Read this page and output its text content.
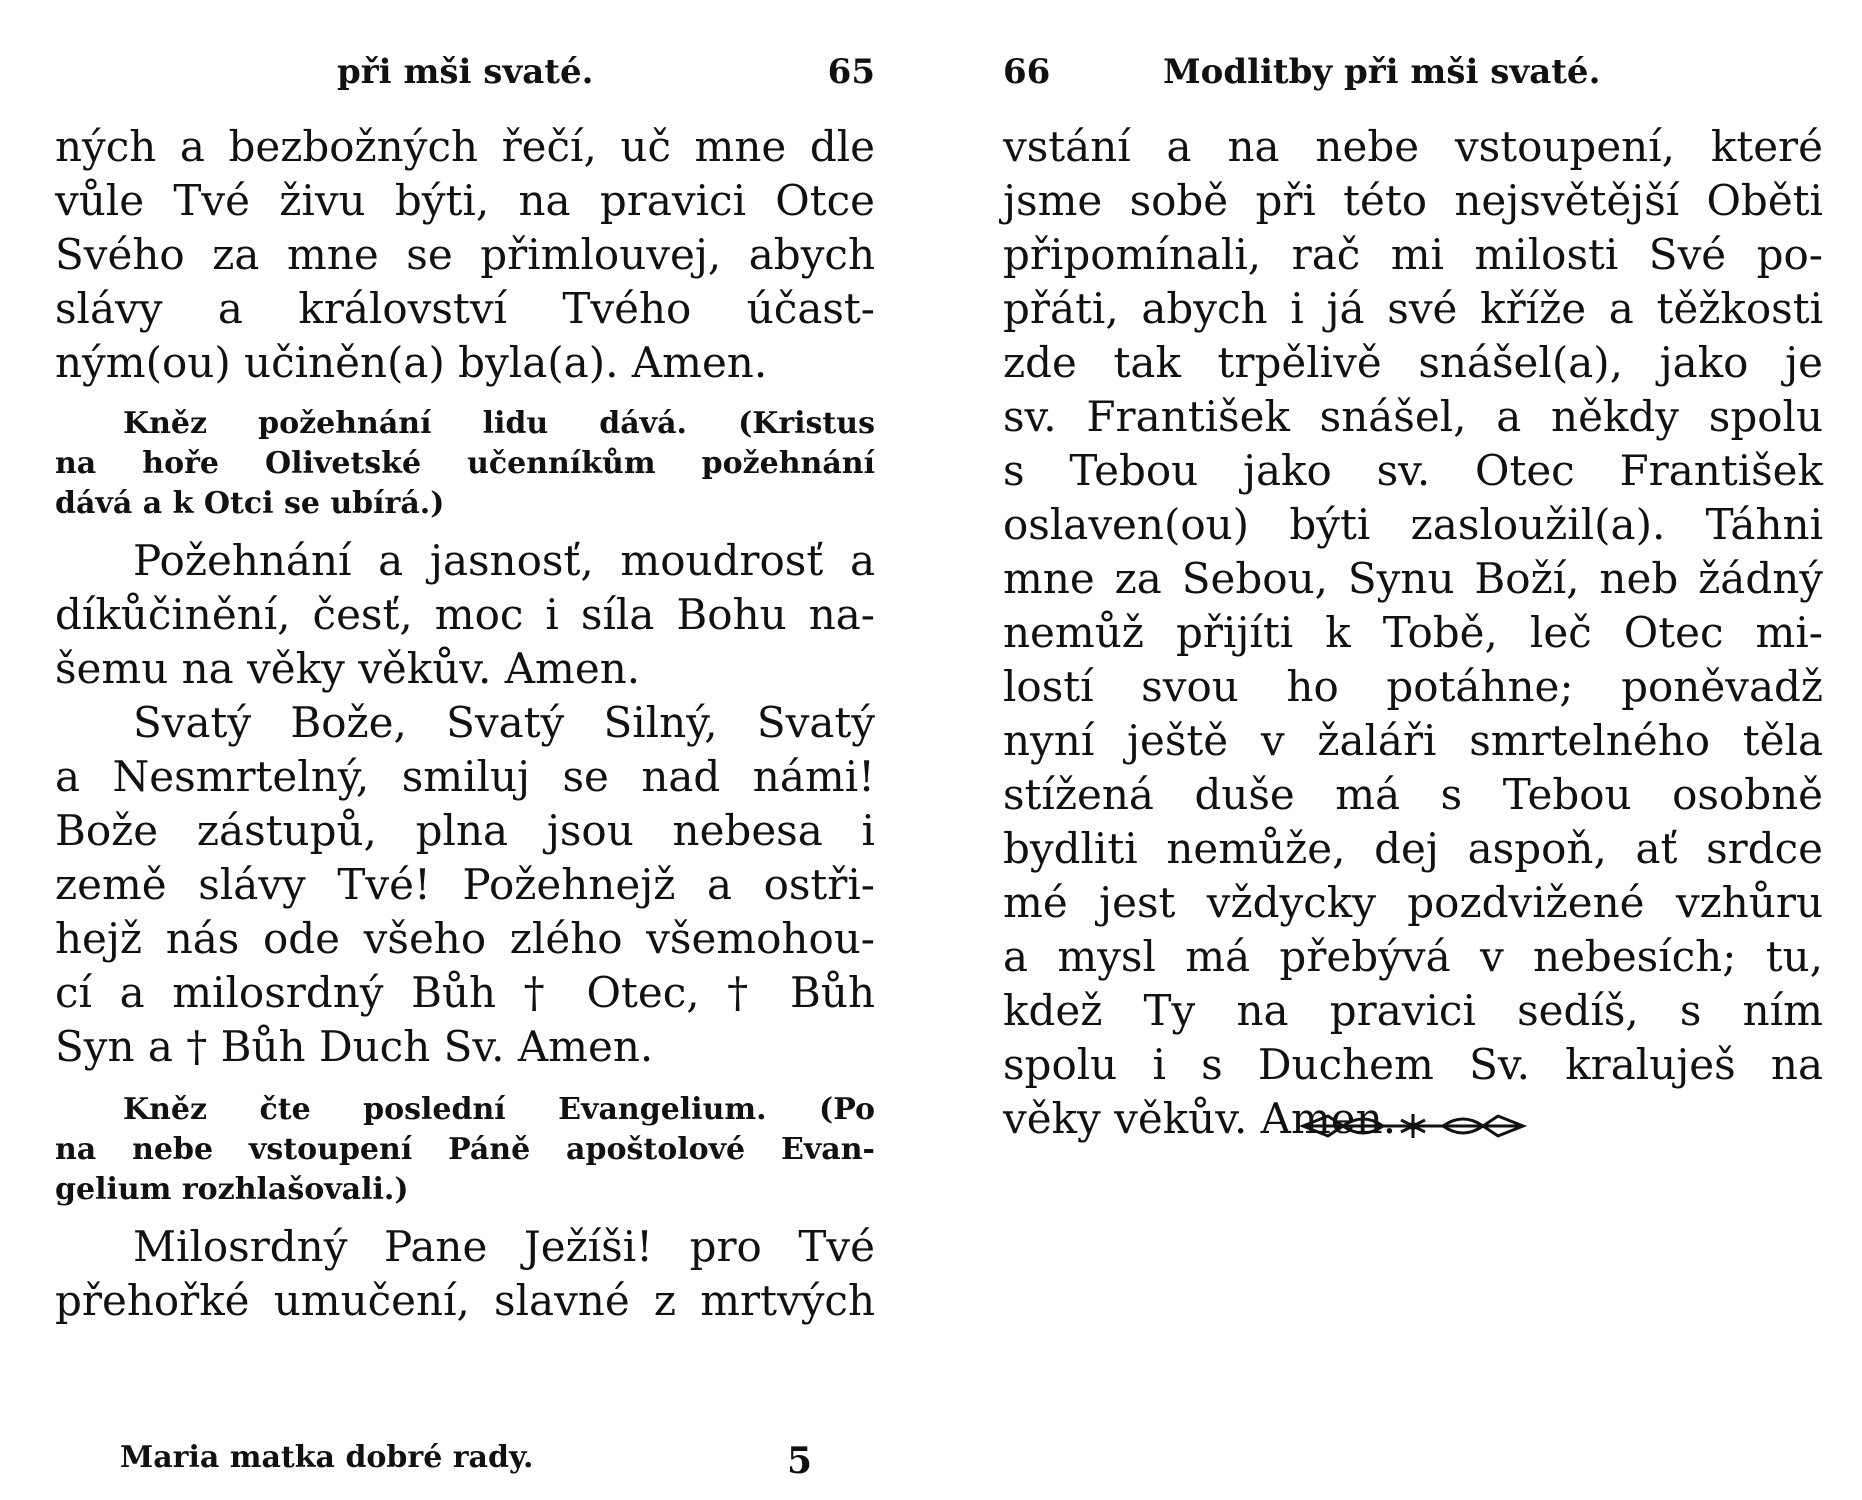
při mši svaté.	65

ných a bezbožných řečí, uč mne dle

vůle Tvé živu býti, na pravici Otce

Svého za mne se přimlouvej, abych

slávy a království Tvého účast-

ným(ou) učiněn(a) byla(a). Amen.

Kněz požehnání lidu dává. (Kristus

na hoře Olivetské učenníkům požehnání

dává a k Otci se ubírá.)

Požehnání a jasnosť, moudrosť a

díkůčinění, česť, moc i síla Bohu na-

šemu na věky věkův. Amen.

Svatý Bože, Svatý Silný, Svatý

a Nesmrtelný, smiluj se nad námi!

Bože zástupů, plna jsou nebesa i

země slávy Tvé! Požehnejž a ostři-

hejž nás ode všeho zlého všemohou-

cí a milosrdný Bůh † Otec, † Bůh

Syn a † Bůh Duch Sv. Amen.

Kněz čte poslední Evangelium. (Po

na nebe vstoupení Páně apoštolové Evan-

gelium rozhlašovali.)

Milosrdný Pane Ježíši! pro Tvé

přehořké umučení, slavné z mrtvých

Maria matka dobré rady.	5
66	Modlitby při mši svaté.

vstání a na nebe vstoupení, které

jsme sobě při této nejsvětější Oběti

připomínali, rač mi milosti Své po-

přáti, abych i já své kříže a těžkosti

zde tak trpělivě snášel(a), jako je

sv. František snášel, a někdy spolu

s Tebou jako sv. Otec František

oslaven(ou) býti zasloužil(a). Táhni

mne za Sebou, Synu Boží, neb žádný

nemůž přijíti k Tobě, leč Otec mi-

lostí svou ho potáhne; poněvadž

nyní ještě v žaláři smrtelného těla

stížená duše má s Tebou osobně

bydliti nemůže, dej aspoň, ať srdce

mé jest vždycky pozdvižené vzhůru

a mysl má přebývá v nebesích; tu,

kdež Ty na pravici sedíš, s ním

spolu i s Duchem Sv. kraluješ na

věky věkův. Amen.
